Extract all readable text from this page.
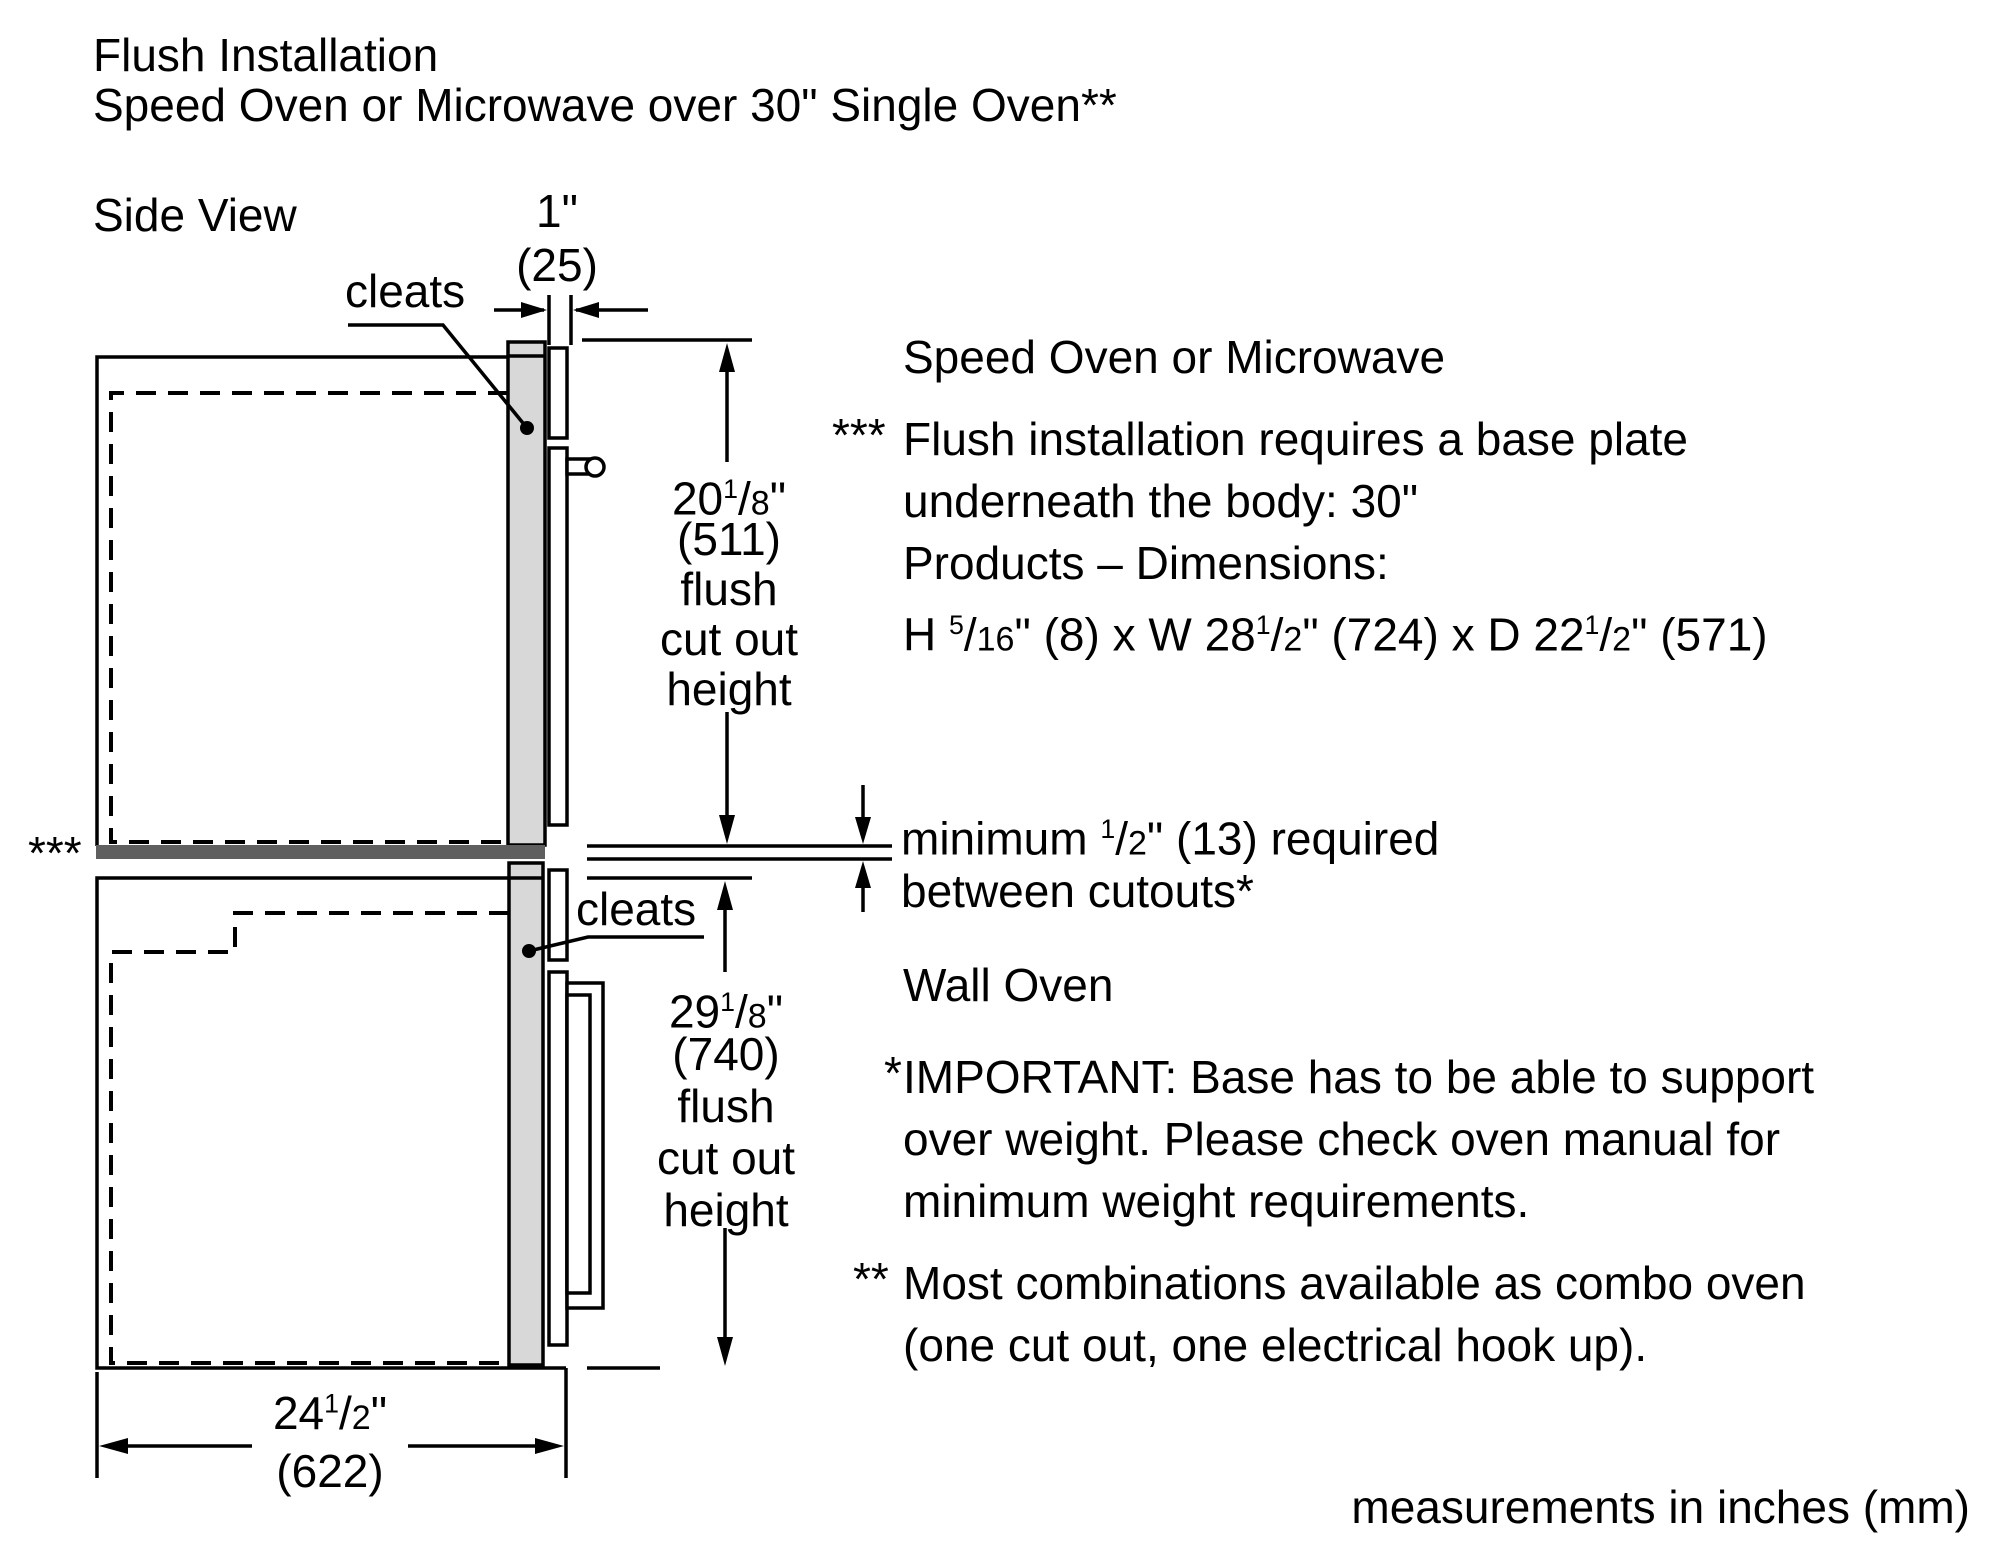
Flush Installation
Speed Oven or Microwave over 30" Single Oven**
Side View	1"
(25)
cleats
cleats
$20^1/8$"
(511)
flush
cut out
height
$29^1/8$"
(740)
flush
cut out
height
$24^1/2$"
(622)
***
Speed Oven or Microwave
*** Flush installation requires a base plate
underneath the body: 30"
Products – Dimensions:
H $^5$/16" (8) x W $28^1/2$" (724) x D $22^1/2$" (571)
minimum $^1$/2" (13) required
between cutouts*
Wall Oven
* IMPORTANT: Base has to be able to support
over weight. Please check oven manual for
minimum weight requirements.
** Most combinations available as combo oven
(one cut out, one electrical hook up).
measurements in inches (mm)
